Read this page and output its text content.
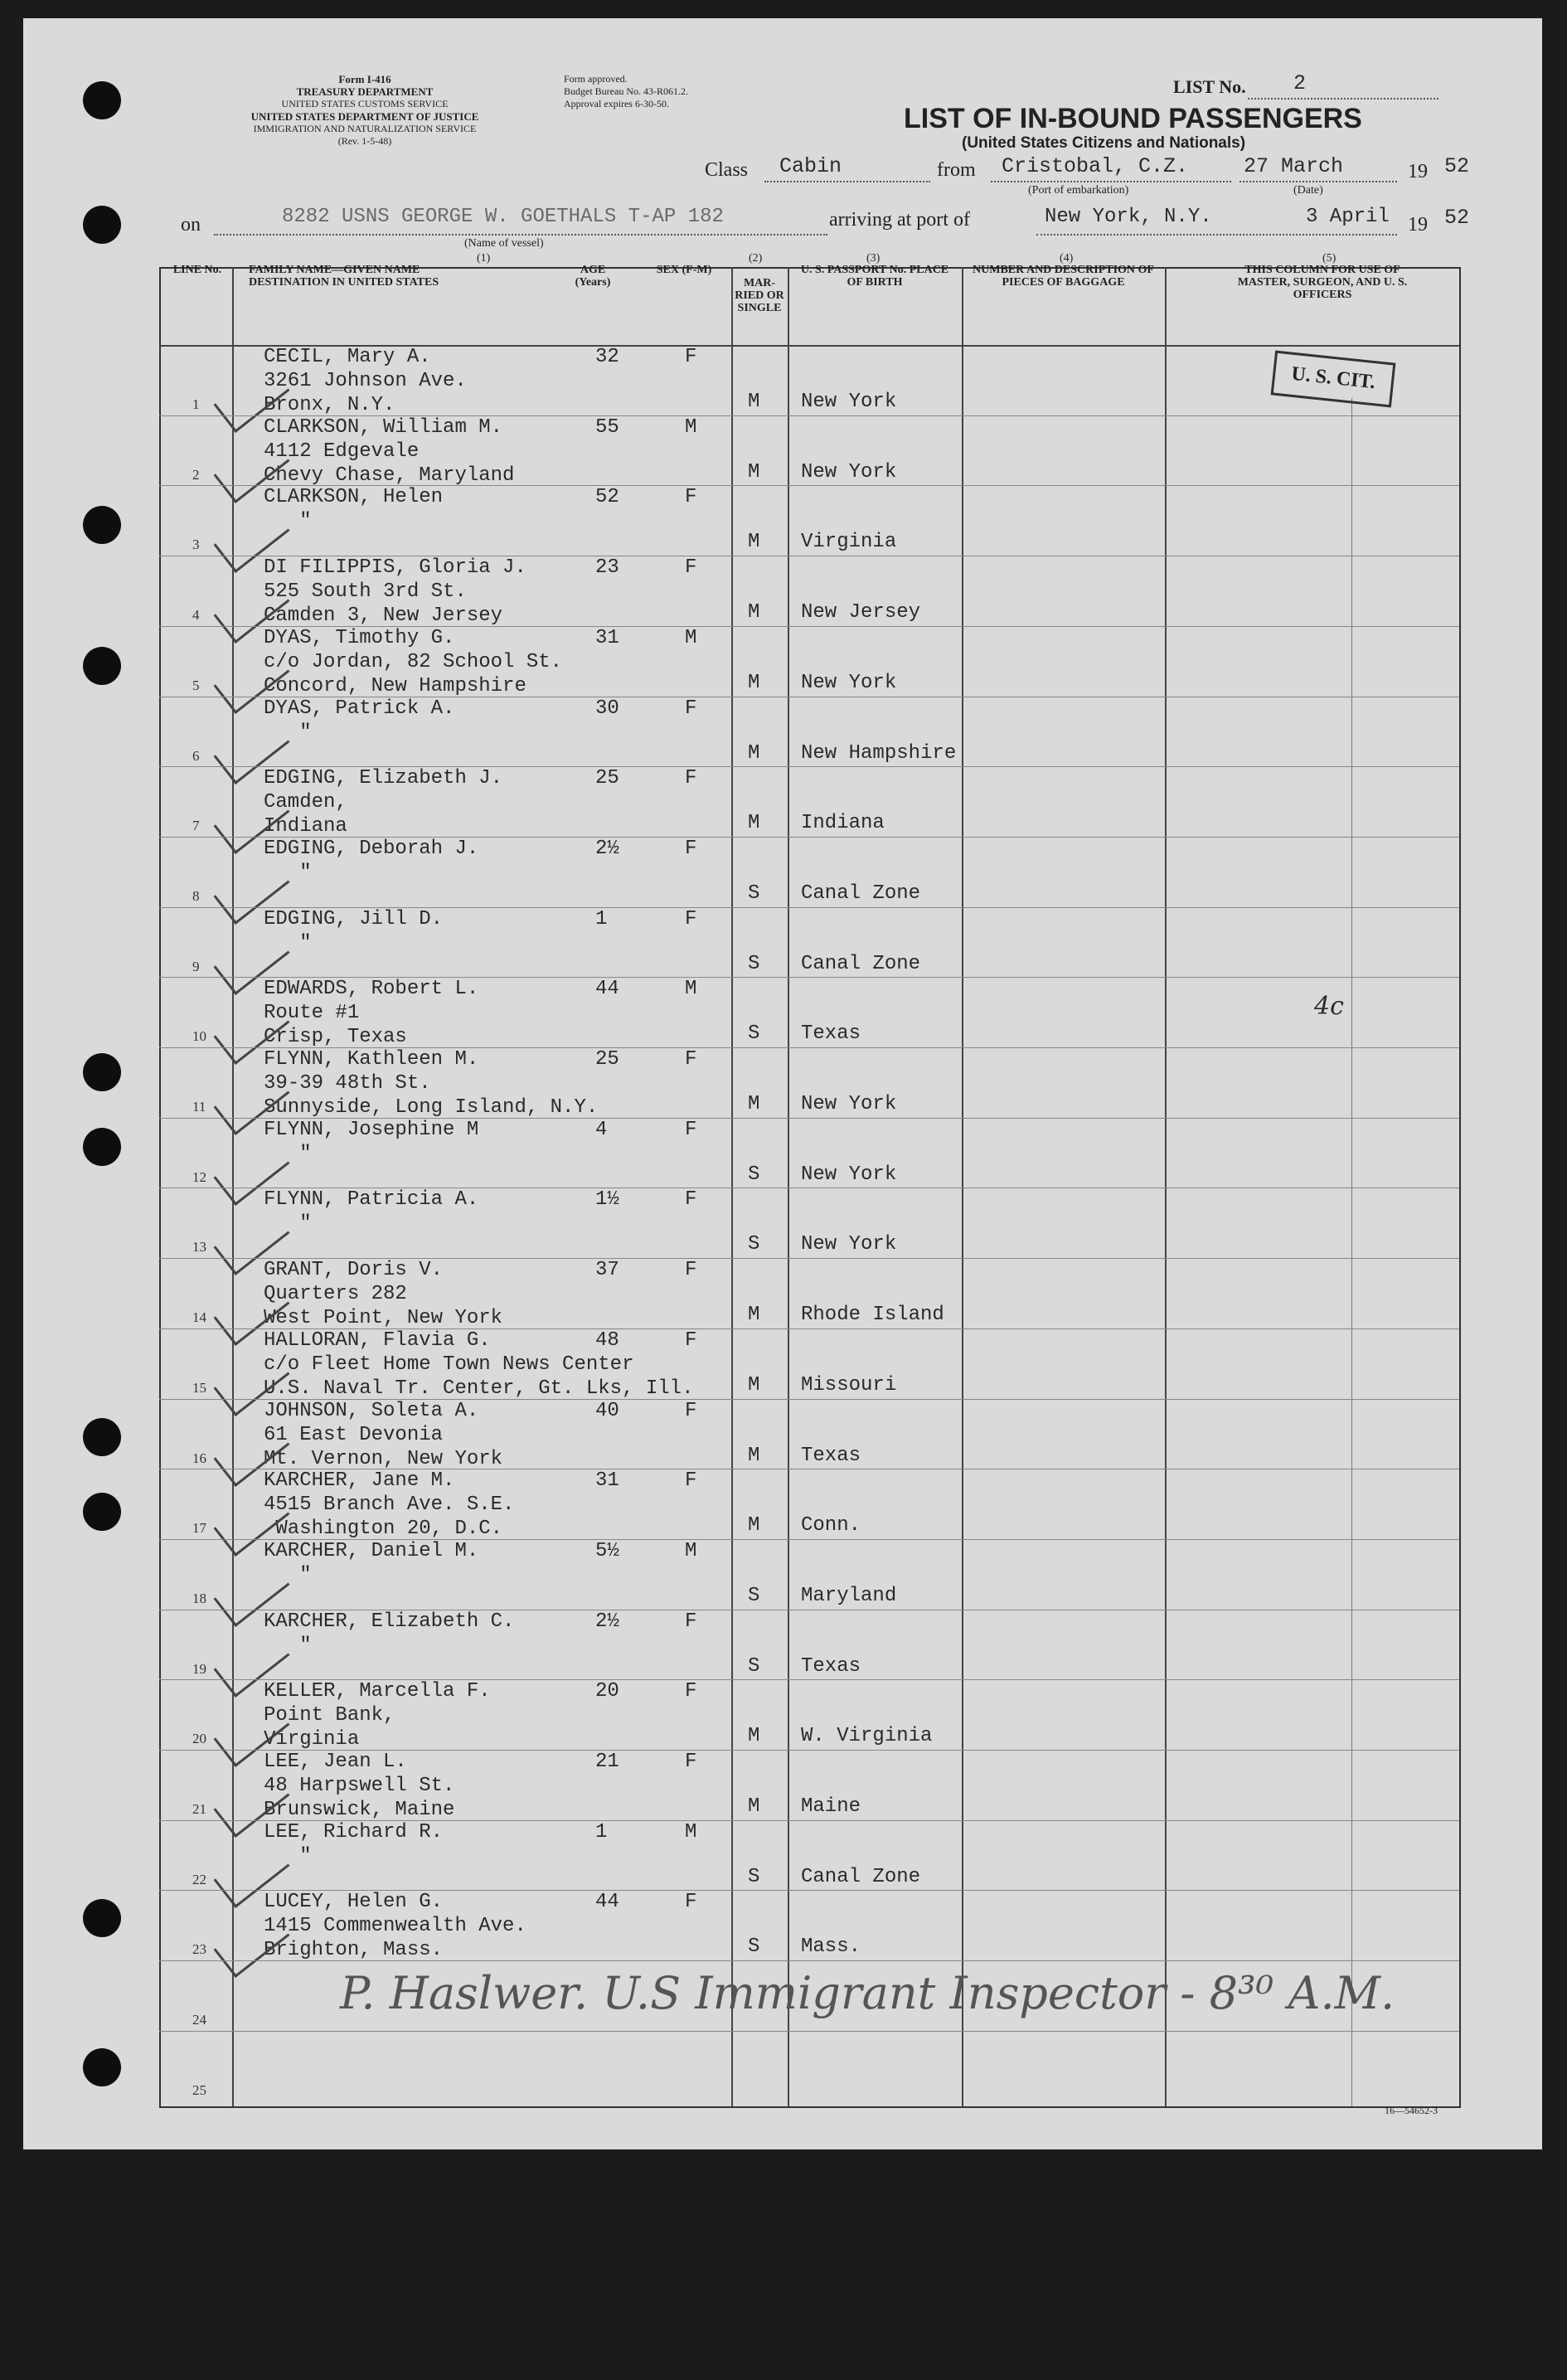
Form I-416
TREASURY DEPARTMENT
UNITED STATES CUSTOMS SERVICE
UNITED STATES DEPARTMENT OF JUSTICE
IMMIGRATION AND NATURALIZATION SERVICE
(Rev. 1-5-48)
Form approved.
Budget Bureau No. 43-R061.2.
Approval expires 6-30-50.
LIST No. 2
LIST OF IN-BOUND PASSENGERS
(United States Citizens and Nationals)
Class Cabin	from Cristobal, C.Z.
(Port of embarkation)
27 March
(Date)
19 52
on	8282 USNS GEORGE W. GOETHALS T-AP 182
(Name of vessel)
arriving at port of	New York, N.Y.	3 April 19 52
(1)	(2)	(3)	(4)	(5)
LINE No.	FAMILY NAME—GIVEN NAME
DESTINATION IN UNITED STATES
AGE (Years)
SEX (F-M)
MAR-RIED OR SINGLE
U. S. PASSPORT No. PLACE OF BIRTH
NUMBER AND DESCRIPTION OF PIECES OF BAGGAGE
THIS COLUMN FOR USE OF MASTER, SURGEON, AND U. S. OFFICERS
U. S. CIT.
4c
1
CECIL, Mary A.
3261 Johnson Ave.
Bronx, N.Y.
32	F
M New York
2
CLARKSON, William M.
4112 Edgevale
Chevy Chase, Maryland
55	M
M New York
3
CLARKSON, Helen
"
52	F
M Virginia
4
DI FILIPPIS, Gloria J.
525 South 3rd St.
Camden 3, New Jersey
23	F
M New Jersey
5
DYAS, Timothy G.
c/o Jordan, 82 School St.
Concord, New Hampshire
31	M
M New York
6
DYAS, Patrick A.
"
30	F
M New Hampshire
7
EDGING, Elizabeth J.
Camden,
Indiana
25	F
M Indiana
8
EDGING, Deborah J.
"
2½	F
S Canal Zone
9
EDGING, Jill D.
"
1	F
S Canal Zone
10
EDWARDS, Robert L.
Route #1
Crisp, Texas
44	M
S Texas
11
FLYNN, Kathleen M.
39-39 48th St.
Sunnyside, Long Island, N.Y.
25	F
M New York
12
FLYNN, Josephine M
"
4	F
S New York
13
FLYNN, Patricia A.
"
1½	F
S New York
14
GRANT, Doris V.
Quarters 282
West Point, New York
37	F
M Rhode Island
15
HALLORAN, Flavia G.
c/o Fleet Home Town News Center
U.S. Naval Tr. Center, Gt. Lks, Ill.
48	F
M Missouri
16
JOHNSON, Soleta A.
61 East Devonia
Mt. Vernon, New York
40	F
M Texas
17
KARCHER, Jane M.
4515 Branch Ave. S.E.
Washington 20, D.C.
31	F
M Conn.
18
KARCHER, Daniel M.
"
5½	M
S Maryland
19
KARCHER, Elizabeth C.
"
2½	F
S Texas
20
KELLER, Marcella F.
Point Bank,
Virginia
20	F
M W. Virginia
21
LEE, Jean L.
48 Harpswell St.
Brunswick, Maine
21	F
M Maine
22
LEE, Richard R.
"
1	M
S Canal Zone
23
LUCEY, Helen G.
1415 Commenwealth Ave.
Brighton, Mass.
44	F
S Mass.
24
25
P. Haslwer. U.S Immigrant Inspector - 8³⁰ A.M.
16—54652-3
